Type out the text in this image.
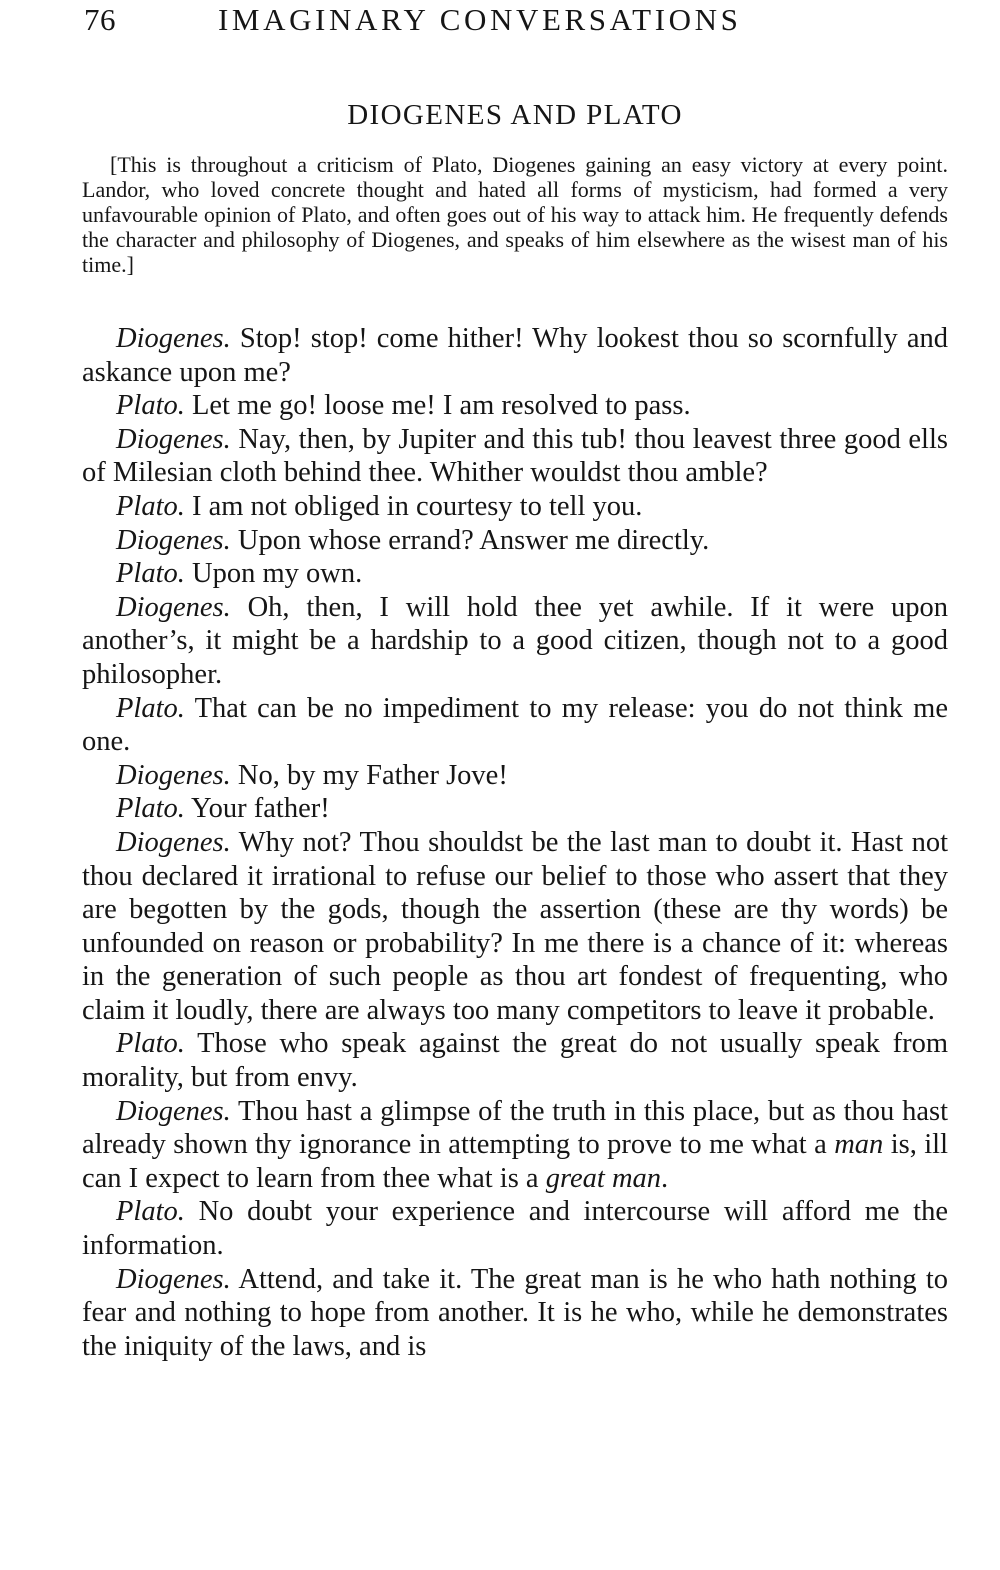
76	IMAGINARY CONVERSATIONS
DIOGENES AND PLATO

[This is throughout a criticism of Plato, Diogenes gaining an easy victory at every point. Landor, who loved concrete thought and hated all forms of mysticism, had formed a very unfavourable opinion of Plato, and often goes out of his way to attack him. He frequently defends the character and philosophy of Diogenes, and speaks of him elsewhere as the wisest man of his time.]

Diogenes. Stop! stop! come hither! Why lookest thou so scornfully and askance upon me?

Plato. Let me go! loose me! I am resolved to pass.

Diogenes. Nay, then, by Jupiter and this tub! thou leavest three good ells of Milesian cloth behind thee. Whither wouldst thou amble?

Plato. I am not obliged in courtesy to tell you.

Diogenes. Upon whose errand? Answer me directly.

Plato. Upon my own.

Diogenes. Oh, then, I will hold thee yet awhile. If it were upon another’s, it might be a hardship to a good citizen, though not to a good philosopher.

Plato. That can be no impediment to my release: you do not think me one.

Diogenes. No, by my Father Jove!

Plato. Your father!

Diogenes. Why not? Thou shouldst be the last man to doubt it. Hast not thou declared it irrational to refuse our belief to those who assert that they are begotten by the gods, though the assertion (these are thy words) be unfounded on reason or probability? In me there is a chance of it: whereas in the generation of such people as thou art fondest of frequenting, who claim it loudly, there are always too many competitors to leave it probable.

Plato. Those who speak against the great do not usually speak from morality, but from envy.

Diogenes. Thou hast a glimpse of the truth in this place, but as thou hast already shown thy ignorance in attempting to prove to me what a man is, ill can I expect to learn from thee what is a great man.

Plato. No doubt your experience and intercourse will afford me the information.

Diogenes. Attend, and take it. The great man is he who hath nothing to fear and nothing to hope from another. It is he who, while he demonstrates the iniquity of the laws, and is
